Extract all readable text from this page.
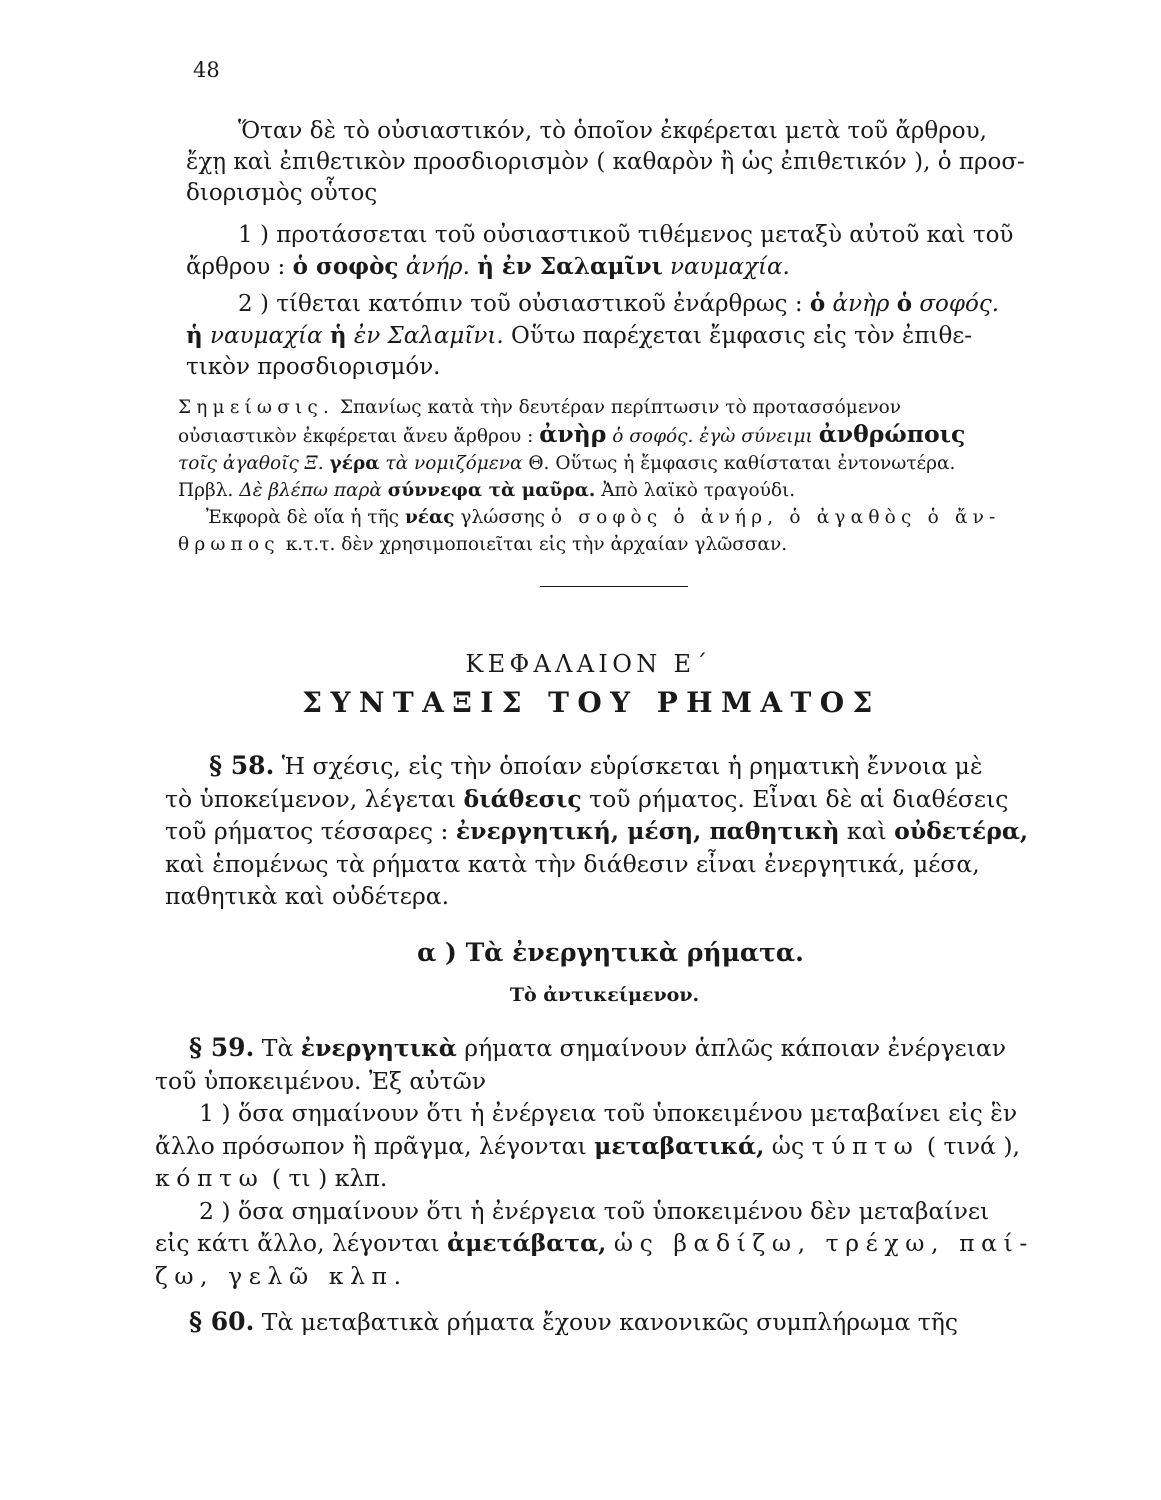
48

Ὅταν δὲ τὸ οὐσιαστικόν, τὸ ὁποῖον ἐκφέρεται μετὰ τοῦ ἄρθρου,

ἔχῃ καὶ ἐπιθετικὸν προσδιορισμὸν ( καθαρὸν ἢ ὡς ἐπιθετικόν ), ὁ προσ-

διορισμὸς οὗτος

1 ) προτάσσεται τοῦ οὐσιαστικοῦ τιθέμενος μεταξὺ αὐτοῦ καὶ τοῦ

ἄρθρου : ὁ σοφὸς ἀνήρ. ἡ ἐν Σαλαμῖνι ναυμαχία.

2 ) τίθεται κατόπιν τοῦ οὐσιαστικοῦ ἐνάρθρως : ὁ ἀνὴρ ὁ σοφός.

ἡ ναυμαχία ἡ ἐν Σαλαμῖνι. Οὕτω παρέχεται ἔμφασις εἰς τὸν ἐπιθε-

τικὸν προσδιορισμόν.

Σημείωσις. Σπανίως κατὰ τὴν δευτέραν περίπτωσιν τὸ προτασσόμενον

οὐσιαστικὸν ἐκφέρεται ἄνευ ἄρθρου : ἀνὴρ ὁ σοφός. ἐγὼ σύνειμι ἀνθρώποις

τοῖς ἀγαθοῖς Ξ. γέρα τὰ νομιζόμενα Θ. Οὕτως ἡ ἔμφασις καθίσταται ἐντονωτέρα.

Πρβλ. Δὲ βλέπω παρὰ σύννεφα τὰ μαῦρα. Ἀπὸ λαϊκὸ τραγούδι.

Ἐκφορὰ δὲ οἵα ἡ τῆς νέας γλώσσης ὁ σοφὸς ὁ ἀνήρ, ὁ ἀγαθὸς ὁ ἄν-

θρωπος κ.τ.τ. δὲν χρησιμοποιεῖται εἰς τὴν ἀρχαίαν γλῶσσαν.

ΚΕΦΑΛΑΙΟΝ Ε΄
ΣΥΝΤΑΞΙΣ ΤΟΥ ΡΗΜΑΤΟΣ

§ 58. Ἡ σχέσις, εἰς τὴν ὁποίαν εὑρίσκεται ἡ ρηματικὴ ἔννοια μὲ

τὸ ὑποκείμενον, λέγεται διάθεσις τοῦ ρήματος. Εἶναι δὲ αἱ διαθέσεις

τοῦ ρήματος τέσσαρες : ἐνεργητική, μέση, παθητικὴ καὶ οὐδετέρα,

καὶ ἑπομένως τὰ ρήματα κατὰ τὴν διάθεσιν εἶναι ἐνεργητικά, μέσα,

παθητικὰ καὶ οὐδέτερα.

α ) Τὰ ἐνεργητικὰ ρήματα.
Τὸ ἀντικείμενον.

§ 59. Τὰ ἐνεργητικὰ ρήματα σημαίνουν ἁπλῶς κάποιαν ἐνέργειαν

τοῦ ὑποκειμένου. Ἐξ αὐτῶν

1 ) ὅσα σημαίνουν ὅτι ἡ ἐνέργεια τοῦ ὑποκειμένου μεταβαίνει εἰς ἓν

ἄλλο πρόσωπον ἢ πρᾶγμα, λέγονται μεταβατικά, ὡς τύπτω ( τινά ),

κόπτω ( τι ) κλπ.

2 ) ὅσα σημαίνουν ὅτι ἡ ἐνέργεια τοῦ ὑποκειμένου δὲν μεταβαίνει

εἰς κάτι ἄλλο, λέγονται ἀμετάβατα, ὡς βαδίζω, τρέχω, παί-

ζω, γελῶ κλπ.

§ 60. Τὰ μεταβατικὰ ρήματα ἔχουν κανονικῶς συμπλήρωμα τῆς
